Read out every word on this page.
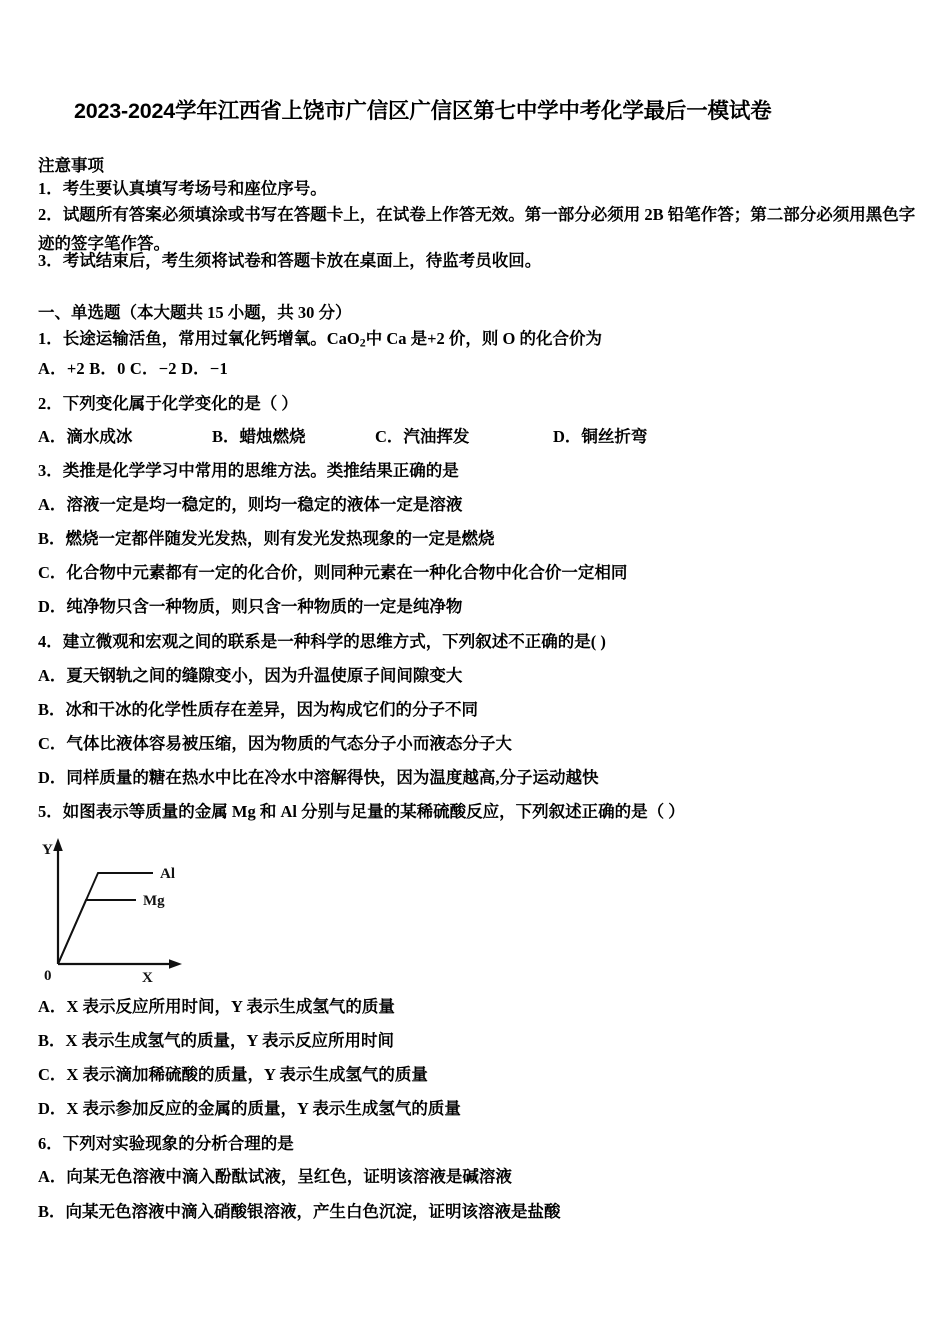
2023-2024学年江西省上饶市广信区广信区第七中学中考化学最后一模试卷
注意事项
1．考生要认真填写考场号和座位序号。
2．试题所有答案必须填涂或书写在答题卡上，在试卷上作答无效。第一部分必须用 2B 铅笔作答；第二部分必须用黑色字迹的签字笔作答。
3．考试结束后，考生须将试卷和答题卡放在桌面上，待监考员收回。
一、单选题（本大题共 15 小题，共 30 分）
1．长途运输活鱼，常用过氧化钙增氧。CaO$_2$中 Ca 是+2 价，则 O 的化合价为
A．+2 B．0 C．−2 D．−1
2．下列变化属于化学变化的是（ ）
A．滴水成冰	B．蜡烛燃烧	C．汽油挥发	D．铜丝折弯
3．类推是化学学习中常用的思维方法。类推结果正确的是
A．溶液一定是均一稳定的，则均一稳定的液体一定是溶液
B．燃烧一定都伴随发光发热，则有发光发热现象的一定是燃烧
C．化合物中元素都有一定的化合价，则同种元素在一种化合物中化合价一定相同
D．纯净物只含一种物质，则只含一种物质的一定是纯净物
4．建立微观和宏观之间的联系是一种科学的思维方式，下列叙述不正确的是( )
A．夏天钢轨之间的缝隙变小，因为升温使原子间间隙变大
B．冰和干冰的化学性质存在差异，因为构成它们的分子不同
C．气体比液体容易被压缩，因为物质的气态分子小而液态分子大
D．同样质量的糖在热水中比在冷水中溶解得快，因为温度越高,分子运动越快
5．如图表示等质量的金属 Mg 和 Al 分别与足量的某稀硫酸反应，下列叙述正确的是（ ）
Al
Mg
Y
X
0
A．X 表示反应所用时间，Y 表示生成氢气的质量
B．X 表示生成氢气的质量，Y 表示反应所用时间
C．X 表示滴加稀硫酸的质量，Y 表示生成氢气的质量
D．X 表示参加反应的金属的质量，Y 表示生成氢气的质量
6．下列对实验现象的分析合理的是
A．向某无色溶液中滴入酚酞试液，呈红色，证明该溶液是碱溶液
B．向某无色溶液中滴入硝酸银溶液，产生白色沉淀，证明该溶液是盐酸
